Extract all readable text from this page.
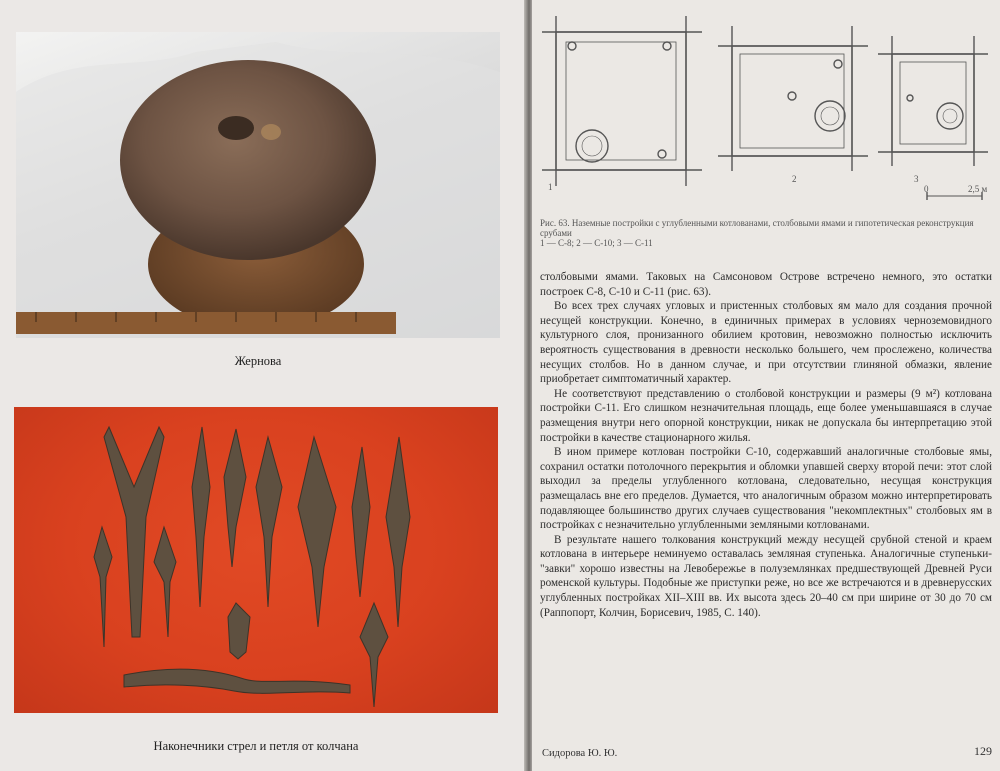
Жернова
Наконечники стрел и петля от колчана
1
2	3
0	2,5 м
Рис. 63. Наземные постройки с углубленными котлованами, столбовыми ямами и гипотетическая реконструкция срубами
1 — С-8; 2 — С-10; 3 — С-11

столбовыми ямами. Таковых на Самсоновом Острове встречено немного, это остатки построек С-8, С-10 и С-11 (рис. 63).

Во всех трех случаях угловых и пристенных столбовых ям мало для создания прочной несущей конструкции. Конечно, в единичных примерах в условиях черноземовидного культурного слоя, пронизанного обилием кротовин, невозможно полностью исключить вероятность существования в древности несколько большего, чем прослежено, количества несущих столбов. Но в данном случае, и при отсутствии глиняной обмазки, явление приобретает симптоматичный характер.

Не соответствуют представлению о столбовой конструкции и размеры (9 м²) котлована постройки С-11. Его слишком незначительная площадь, еще более уменьшавшаяся в случае размещения внутри него опорной конструкции, никак не допускала бы интерпретацию этой постройки в качестве стационарного жилья.

В ином примере котлован постройки С-10, содержавший аналогичные столбовые ямы, сохранил остатки потолочного перекрытия и обломки упавшей сверху второй печи: этот слой выходил за пределы углубленного котлована, следовательно, несущая конструкция размещалась вне его пределов. Думается, что аналогичным образом можно интерпретировать подавляющее большинство других случаев существования "некомплектных" столбовых ям в постройках с незначительно углубленными земляными котлованами.

В результате нашего толкования конструкций между несущей срубной стеной и краем котлована в интерьере неминуемо оставалась земляная ступенька. Аналогичные ступеньки-"завки" хорошо известны на Левобережье в полуземлянках предшествующей Древней Руси роменской культуры. Подобные же приступки реже, но все же встречаются и в древнерусских углубленных постройках XII–XIII вв. Их высота здесь 20–40 см при ширине от 30 до 70 см (Раппопорт, Колчин, Борисевич, 1985, С. 140).

Сидорова Ю. Ю.	129
